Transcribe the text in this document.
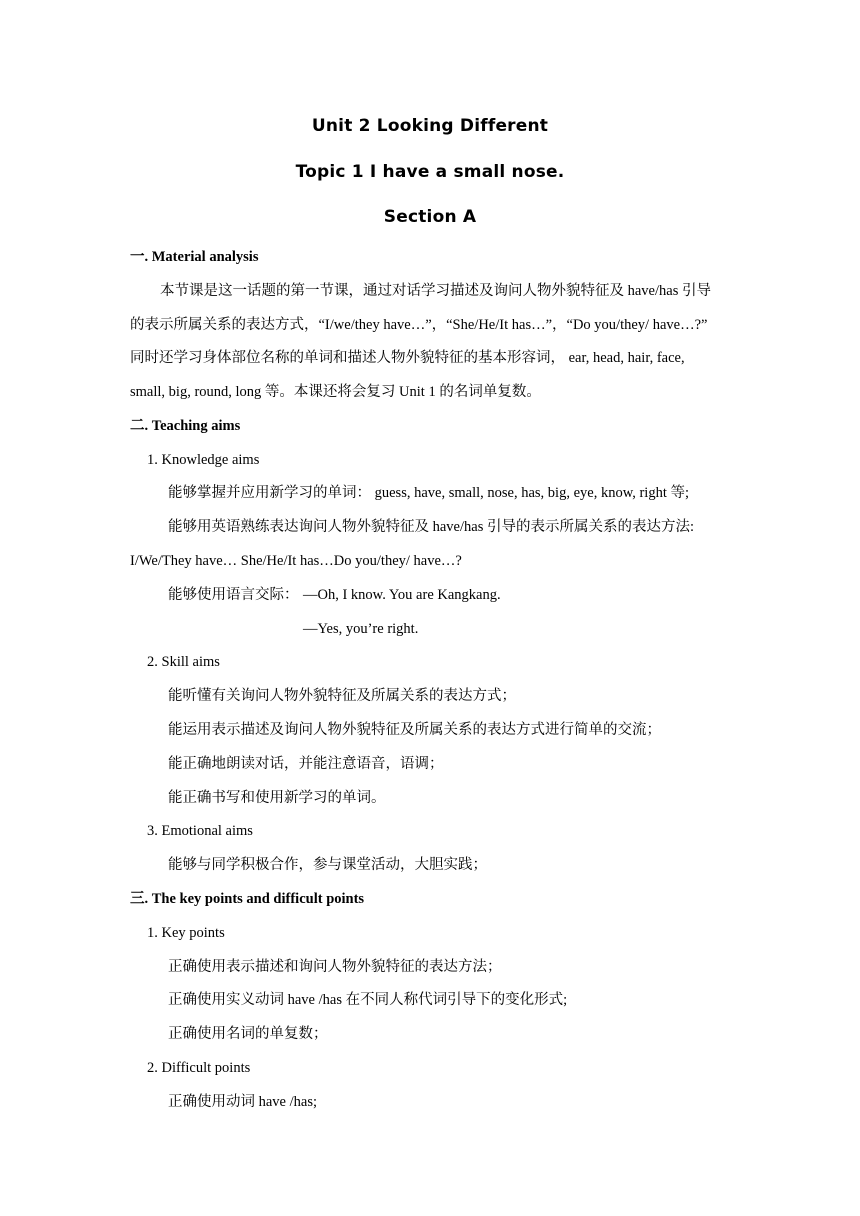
Unit 2 Looking Different
Topic 1 I have a small nose.
Section A
一. Material analysis
本节课是这一话题的第一节课，通过对话学习描述及询问人物外貌特征及 have/has 引导
的表示所属关系的表达方式，“I/we/they have…”，“She/He/It has…”，“Do you/they/ have…?”
同时还学习身体部位名称的单词和描述人物外貌特征的基本形容词， ear, head, hair, face,
small, big, round, long 等。本课还将会复习 Unit 1 的名词单复数。
二. Teaching aims
1. Knowledge aims
能够掌握并应用新学习的单词： guess, have, small, nose, has, big, eye, know, right 等;
能够用英语熟练表达询问人物外貌特征及 have/has 引导的表示所属关系的表达方法:
I/We/They have… She/He/It has…Do you/they/ have…?
能够使用语言交际： —Oh, I know. You are Kangkang.
—Yes, you’re right.
2. Skill aims
能听懂有关询问人物外貌特征及所属关系的表达方式；
能运用表示描述及询问人物外貌特征及所属关系的表达方式进行简单的交流；
能正确地朗读对话，并能注意语音，语调；
能正确书写和使用新学习的单词。
3. Emotional aims
能够与同学积极合作，参与课堂活动，大胆实践；
三. The key points and difficult points
1. Key points
正确使用表示描述和询问人物外貌特征的表达方法；
正确使用实义动词 have /has 在不同人称代词引导下的变化形式;
正确使用名词的单复数；
2. Difficult points
正确使用动词 have /has;
